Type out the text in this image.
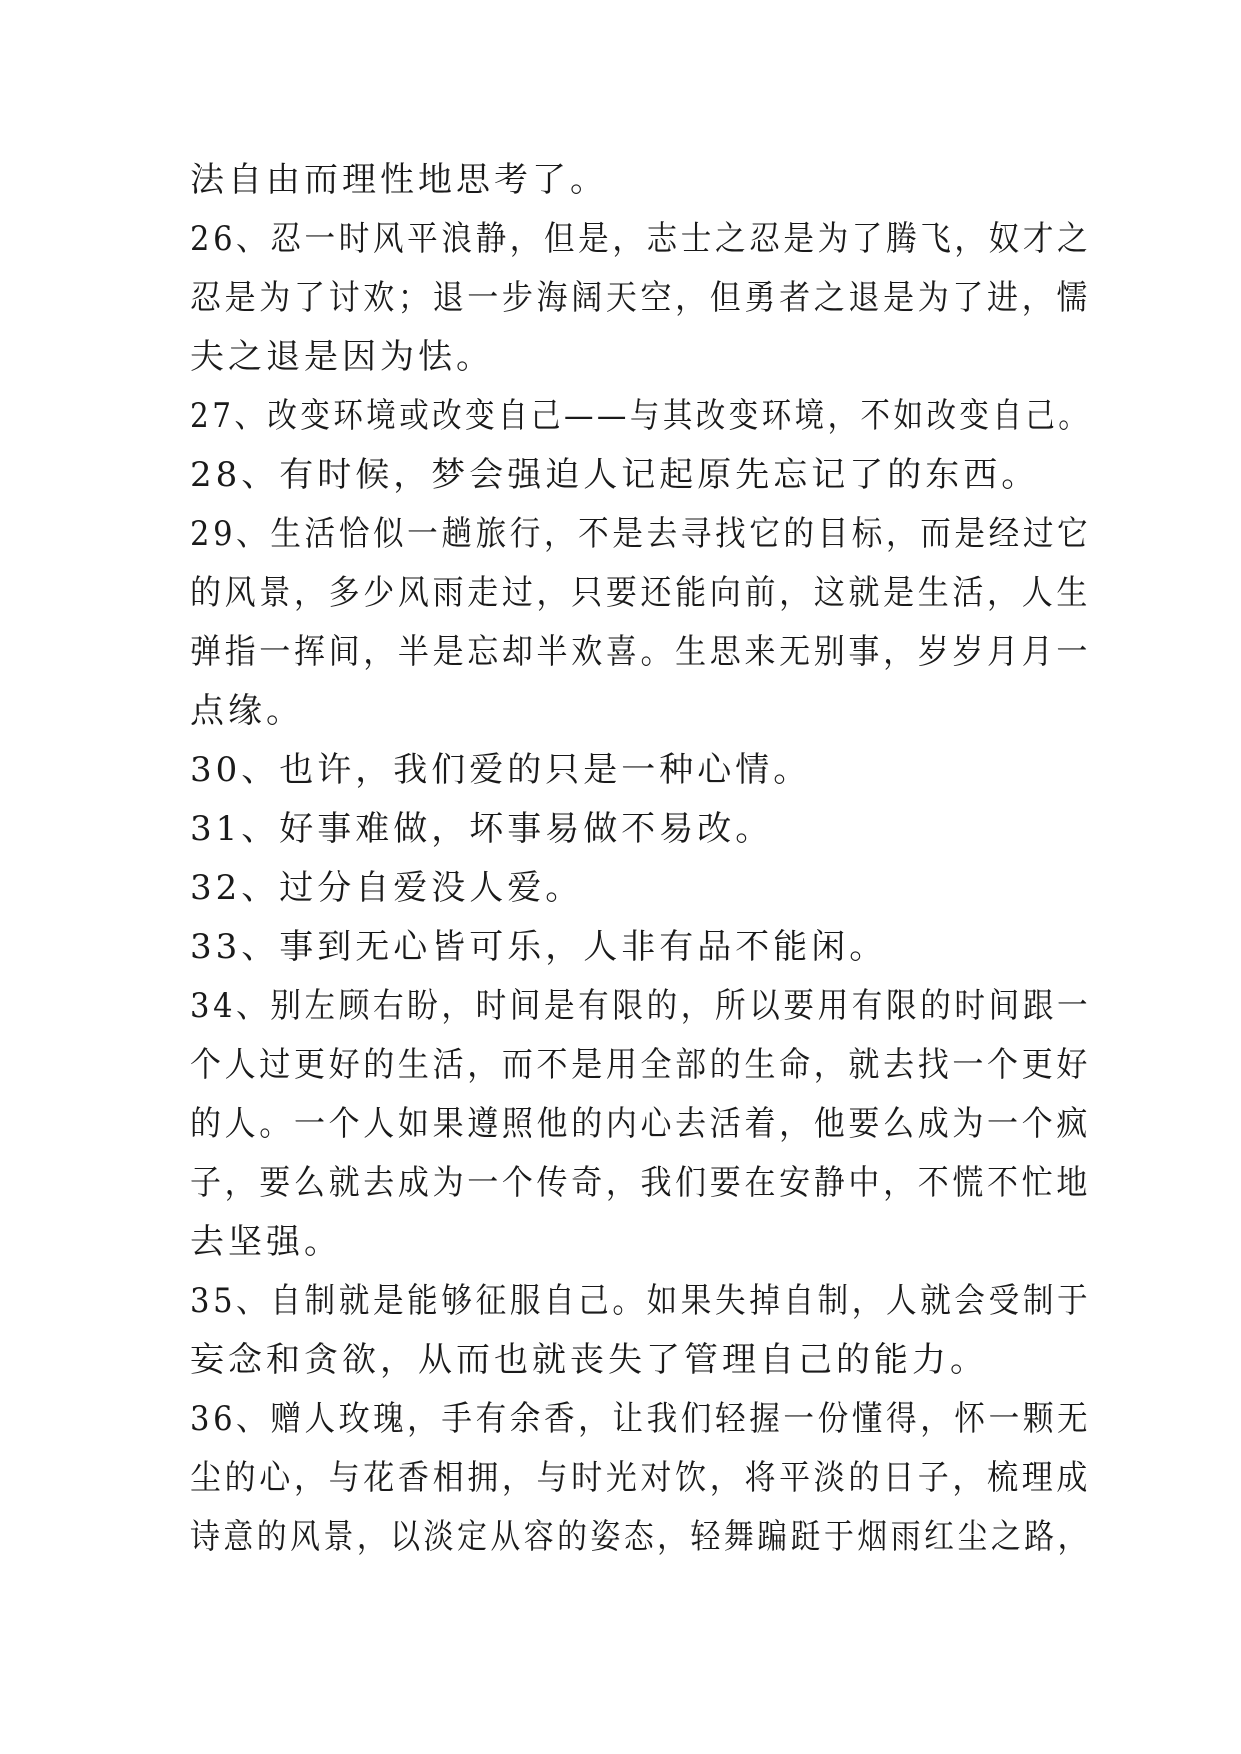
法自由而理性地思考了。
26、忍一时风平浪静，但是，志士之忍是为了腾飞，奴才之
忍是为了讨欢；退一步海阔天空，但勇者之退是为了进，懦
夫之退是因为怯。
27、改变环境或改变自己——与其改变环境，不如改变自己。
28、有时候，梦会强迫人记起原先忘记了的东西。
29、生活恰似一趟旅行，不是去寻找它的目标，而是经过它
的风景，多少风雨走过，只要还能向前，这就是生活，人生
弹指一挥间，半是忘却半欢喜。生思来无别事，岁岁月月一
点缘。
30、也许，我们爱的只是一种心情。
31、好事难做，坏事易做不易改。
32、过分自爱没人爱。
33、事到无心皆可乐，人非有品不能闲。
34、别左顾右盼，时间是有限的，所以要用有限的时间跟一
个人过更好的生活，而不是用全部的生命，就去找一个更好
的人。一个人如果遵照他的内心去活着，他要么成为一个疯
子，要么就去成为一个传奇，我们要在安静中，不慌不忙地
去坚强。
35、自制就是能够征服自己。如果失掉自制，人就会受制于
妄念和贪欲，从而也就丧失了管理自己的能力。
36、赠人玫瑰，手有余香，让我们轻握一份懂得，怀一颗无
尘的心，与花香相拥，与时光对饮，将平淡的日子，梳理成
诗意的风景，以淡定从容的姿态，轻舞蹁跹于烟雨红尘之路，
